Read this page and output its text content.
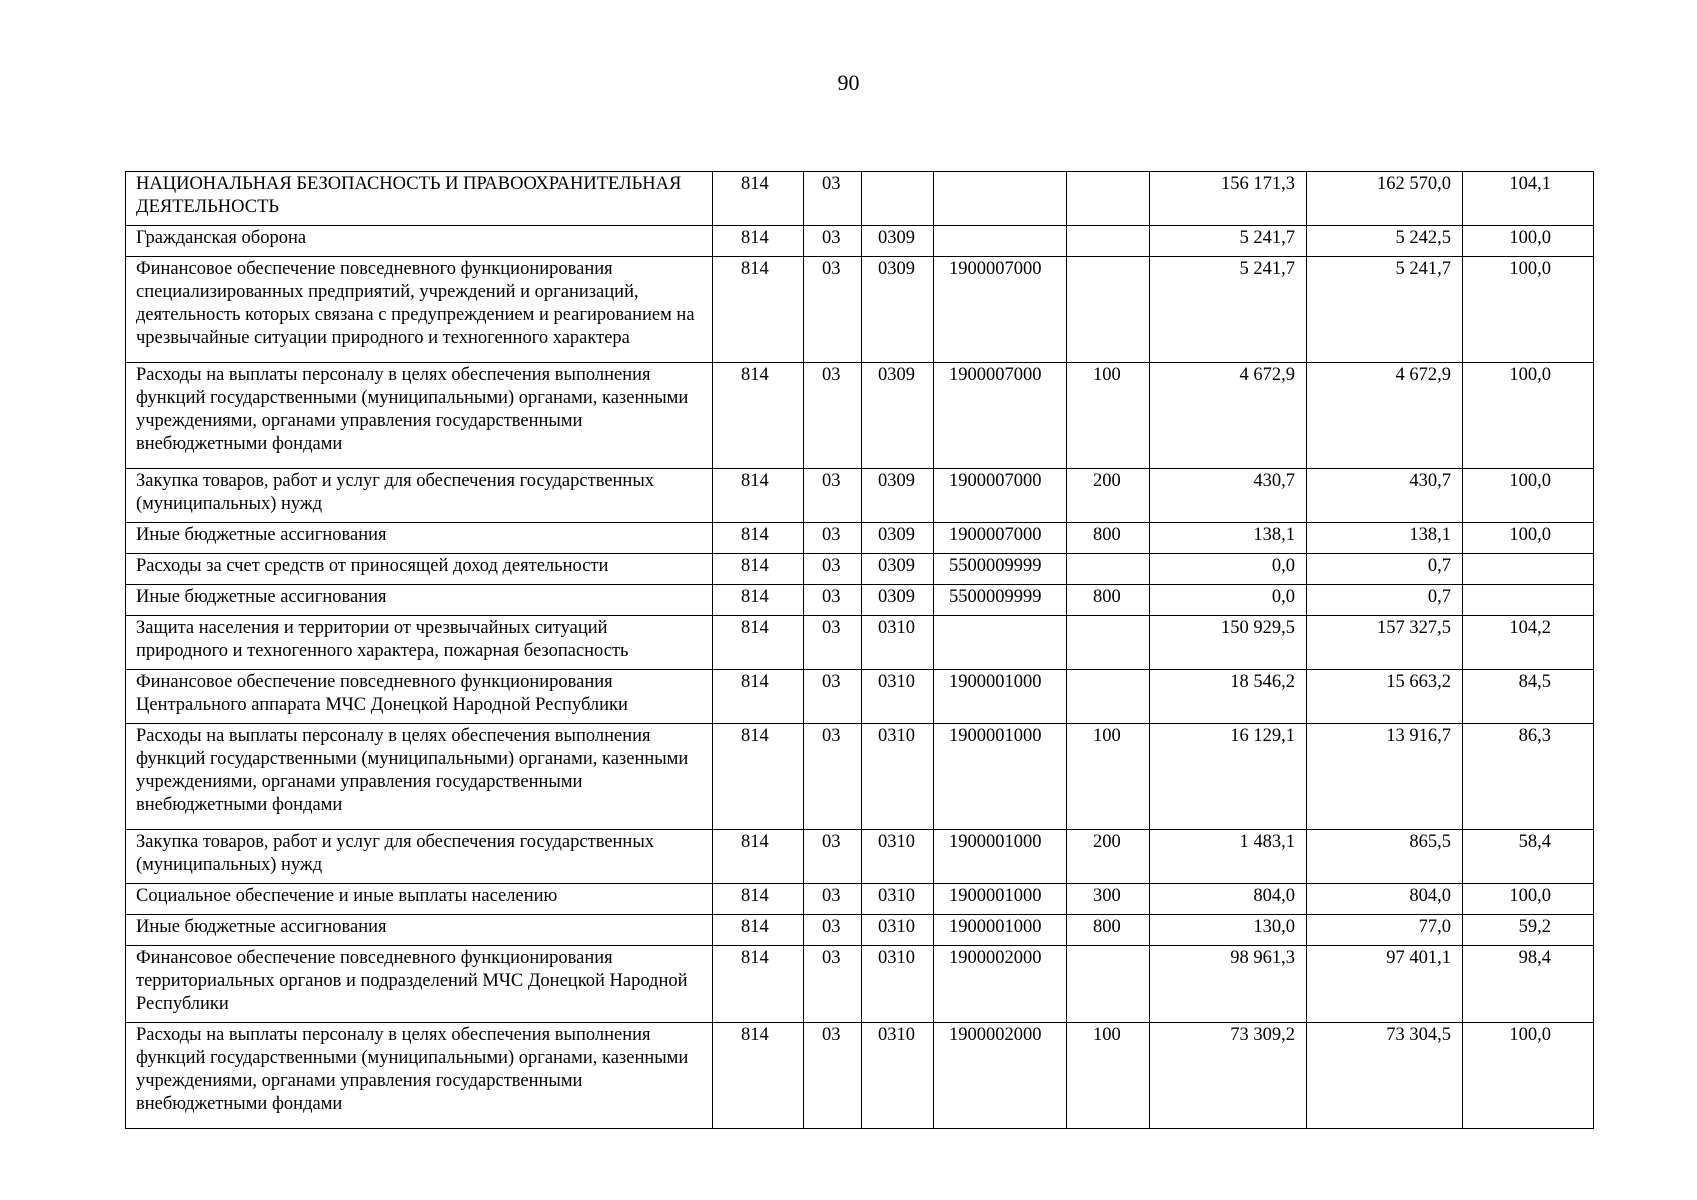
90
НАЦИОНАЛЬНАЯ БЕЗОПАСНОСТЬ И ПРАВООХРАНИТЕЛЬНАЯ ДЕЯТЕЛЬНОСТЬ	814	03				156 171,3	162 570,0	104,1
Гражданская оборона	814	03	0309			5 241,7	5 242,5	100,0
Финансовое обеспечение повседневного функционирования специализированных предприятий, учреждений и организаций, деятельность которых связана с предупреждением и реагированием на чрезвычайные ситуации природного и техногенного характера	814	03	0309	1900007000		5 241,7	5 241,7	100,0
Расходы на выплаты персоналу в целях обеспечения выполнения функций государственными (муниципальными) органами, казенными учреждениями, органами управления государственными внебюджетными фондами	814	03	0309	1900007000	100	4 672,9	4 672,9	100,0
Закупка товаров, работ и услуг для обеспечения государственных (муниципальных) нужд	814	03	0309	1900007000	200	430,7	430,7	100,0
Иные бюджетные ассигнования	814	03	0309	1900007000	800	138,1	138,1	100,0
Расходы за счет средств от приносящей доход деятельности	814	03	0309	5500009999		0,0	0,7	
Иные бюджетные ассигнования	814	03	0309	5500009999	800	0,0	0,7	
Защита населения и территории от чрезвычайных ситуаций природного и техногенного характера, пожарная безопасность	814	03	0310			150 929,5	157 327,5	104,2
Финансовое обеспечение повседневного функционирования Центрального аппарата МЧС Донецкой Народной Республики	814	03	0310	1900001000		18 546,2	15 663,2	84,5
Расходы на выплаты персоналу в целях обеспечения выполнения функций государственными (муниципальными) органами, казенными учреждениями, органами управления государственными внебюджетными фондами	814	03	0310	1900001000	100	16 129,1	13 916,7	86,3
Закупка товаров, работ и услуг для обеспечения государственных (муниципальных) нужд	814	03	0310	1900001000	200	1 483,1	865,5	58,4
Социальное обеспечение и иные выплаты населению	814	03	0310	1900001000	300	804,0	804,0	100,0
Иные бюджетные ассигнования	814	03	0310	1900001000	800	130,0	77,0	59,2
Финансовое обеспечение повседневного функционирования территориальных органов и подразделений МЧС Донецкой Народной Республики	814	03	0310	1900002000		98 961,3	97 401,1	98,4
Расходы на выплаты персоналу в целях обеспечения выполнения функций государственными (муниципальными) органами, казенными учреждениями, органами управления государственными внебюджетными фондами	814	03	0310	1900002000	100	73 309,2	73 304,5	100,0
